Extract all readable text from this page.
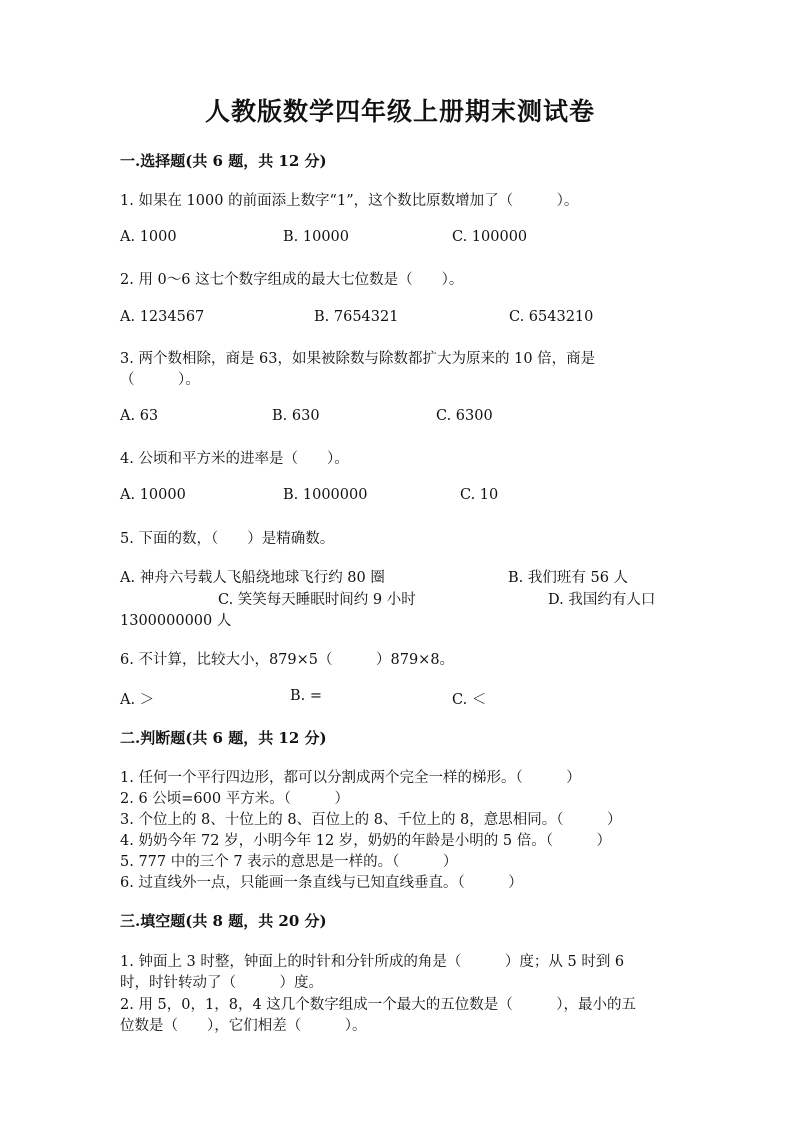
人教版数学四年级上册期末测试卷
一.选择题(共 6 题，共 12 分)
1. 如果在 1000 的前面添上数字“1”，这个数比原数增加了（　　　）。
A. 1000	B. 10000	C. 100000
2. 用 0～6 这七个数字组成的最大七位数是（　　）。
A. 1234567	B. 7654321	C. 6543210
3. 两个数相除，商是 63，如果被除数与除数都扩大为原来的 10 倍，商是
（　　　）。
A. 63	B. 630	C. 6300
4. 公顷和平方米的进率是（　　）。
A. 10000	B. 1000000	C. 10
5. 下面的数，（　　）是精确数。
A. 神舟六号载人飞船绕地球飞行约 80 圈	B. 我们班有 56 人
C. 笑笑每天睡眠时间约 9 小时	D. 我国约有人口
1300000000 人
6. 不计算，比较大小，879×5（　　　）879×8。
A. ＞	B. =	C. ＜
二.判断题(共 6 题，共 12 分)
1. 任何一个平行四边形，都可以分割成两个完全一样的梯形。（　　　）
2. 6 公顷=600 平方米。（　　　）
3. 个位上的 8、十位上的 8、百位上的 8、千位上的 8，意思相同。（　　　）
4. 奶奶今年 72 岁，小明今年 12 岁，奶奶的年龄是小明的 5 倍。（　　　）
5. 777 中的三个 7 表示的意思是一样的。（　　　）
6. 过直线外一点，只能画一条直线与已知直线垂直。（　　　）
三.填空题(共 8 题，共 20 分)
1. 钟面上 3 时整，钟面上的时针和分针所成的角是（　　　）度；从 5 时到 6
时，时针转动了（　　　）度。
2. 用 5，0，1，8，4 这几个数字组成一个最大的五位数是（　　　），最小的五
位数是（　　），它们相差（　　　）。
